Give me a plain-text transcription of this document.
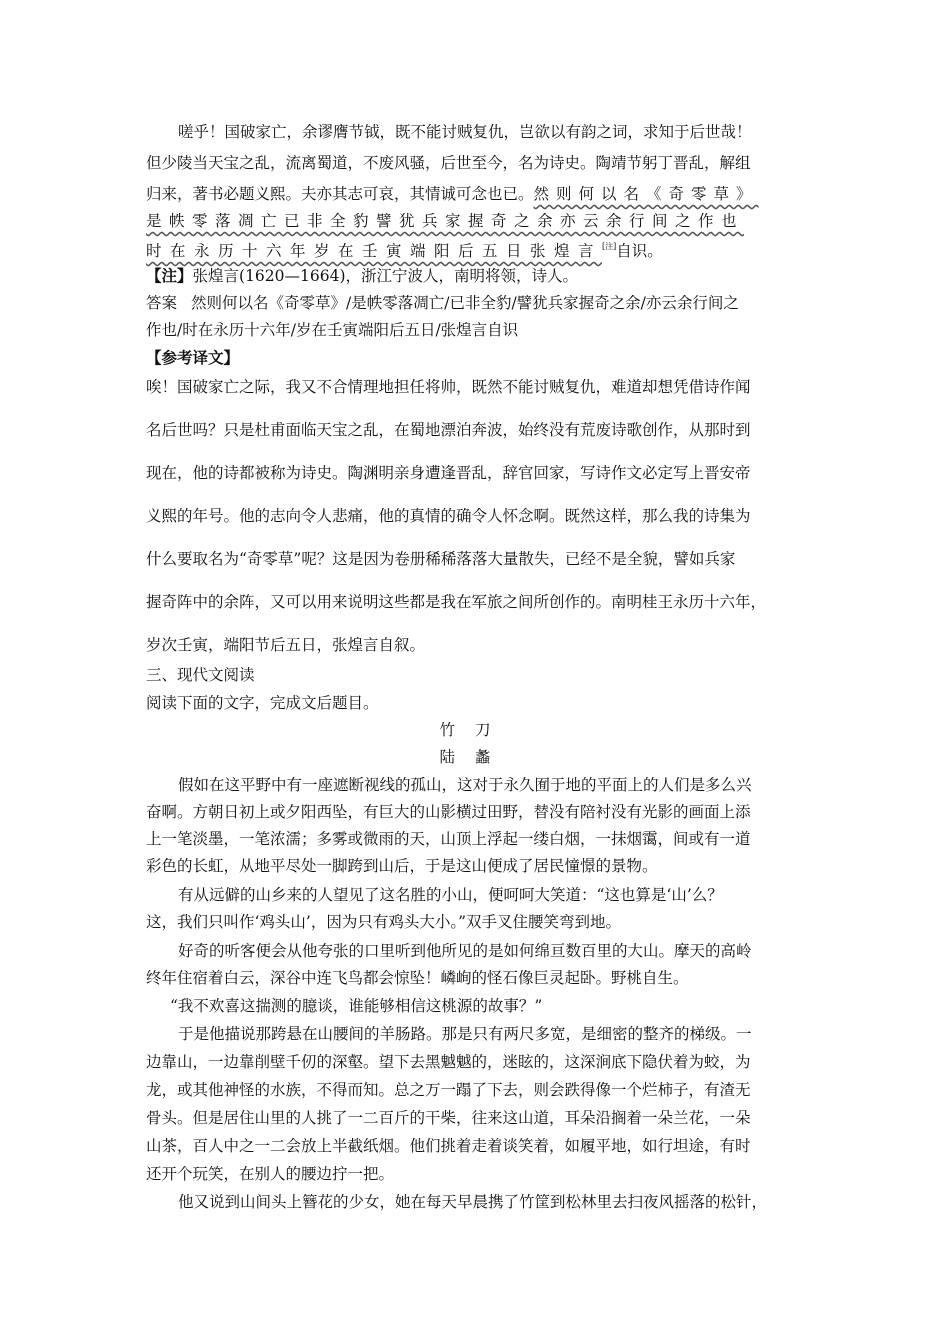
嗟乎！国破家亡，余谬膺节钺，既不能讨贼复仇，岂欲以有韵之词，求知于后世哉！
但少陵当天宝之乱，流离蜀道，不废风骚，后世至今，名为诗史。陶靖节躬丁晋乱，解组
归来，著书必题义熙。夫亦其志可哀，其情诚可念也已。然则何以名《奇零草》
是帙零落凋亡已非全豹譬犹兵家握奇之余亦云余行间之作也
时在永历十六年岁在壬寅端阳后五日张煌言[注]自识。
【注】张煌言(1620—1664)，浙江宁波人，南明将领，诗人。
答案 然则何以名《奇零草》/是帙零落凋亡/已非全豹/譬犹兵家握奇之余/亦云余行间之
作也/时在永历十六年/岁在壬寅端阳后五日/张煌言自识
【参考译文】
唉！国破家亡之际，我又不合情理地担任将帅，既然不能讨贼复仇，难道却想凭借诗作闻
名后世吗？只是杜甫面临天宝之乱，在蜀地漂泊奔波，始终没有荒废诗歌创作，从那时到
现在，他的诗都被称为诗史。陶渊明亲身遭逢晋乱，辞官回家，写诗作文必定写上晋安帝
义熙的年号。他的志向令人悲痛，他的真情的确令人怀念啊。既然这样，那么我的诗集为
什么要取名为“奇零草”呢？这是因为卷册稀稀落落大量散失，已经不是全貌，譬如兵家
握奇阵中的余阵，又可以用来说明这些都是我在军旅之间所创作的。南明桂王永历十六年，
岁次壬寅，端阳节后五日，张煌言自叙。
三、现代文阅读
阅读下面的文字，完成文后题目。
竹刀
陆蠡
假如在这平野中有一座遮断视线的孤山，这对于永久囿于地的平面上的人们是多么兴
奋啊。方朝日初上或夕阳西坠，有巨大的山影横过田野，替没有陪衬没有光影的画面上添
上一笔淡墨，一笔浓濡；多雾或微雨的天，山顶上浮起一缕白烟，一抹烟霭，间或有一道
彩色的长虹，从地平尽处一脚跨到山后，于是这山便成了居民憧憬的景物。
有从远僻的山乡来的人望见了这名胜的小山，便呵呵大笑道：“这也算是‘山’么？
这，我们只叫作‘鸡头山’，因为只有鸡头大小。”双手叉住腰笑弯到地。
好奇的听客便会从他夸张的口里听到他所见的是如何绵亘数百里的大山。摩天的高岭
终年住宿着白云，深谷中连飞鸟都会惊坠！嶙峋的怪石像巨灵起卧。野桃自生。
“我不欢喜这揣测的臆谈，谁能够相信这桃源的故事？”
于是他描说那跨悬在山腰间的羊肠路。那是只有两尺多宽，是细密的整齐的梯级。一
边靠山，一边靠削壁千仞的深壑。望下去黑魆魆的，迷眩的，这深涧底下隐伏着为蛟，为
龙，或其他神怪的水族，不得而知。总之万一蹋了下去，则会跌得像一个烂柿子，有渣无
骨头。但是居住山里的人挑了一二百斤的干柴，往来这山道，耳朵沿搁着一朵兰花，一朵
山茶，百人中之一二会放上半截纸烟。他们挑着走着谈笑着，如履平地，如行坦途，有时
还开个玩笑，在别人的腰边拧一把。
他又说到山间头上簪花的少女，她在每天早晨携了竹筐到松林里去扫夜风摇落的松针，
